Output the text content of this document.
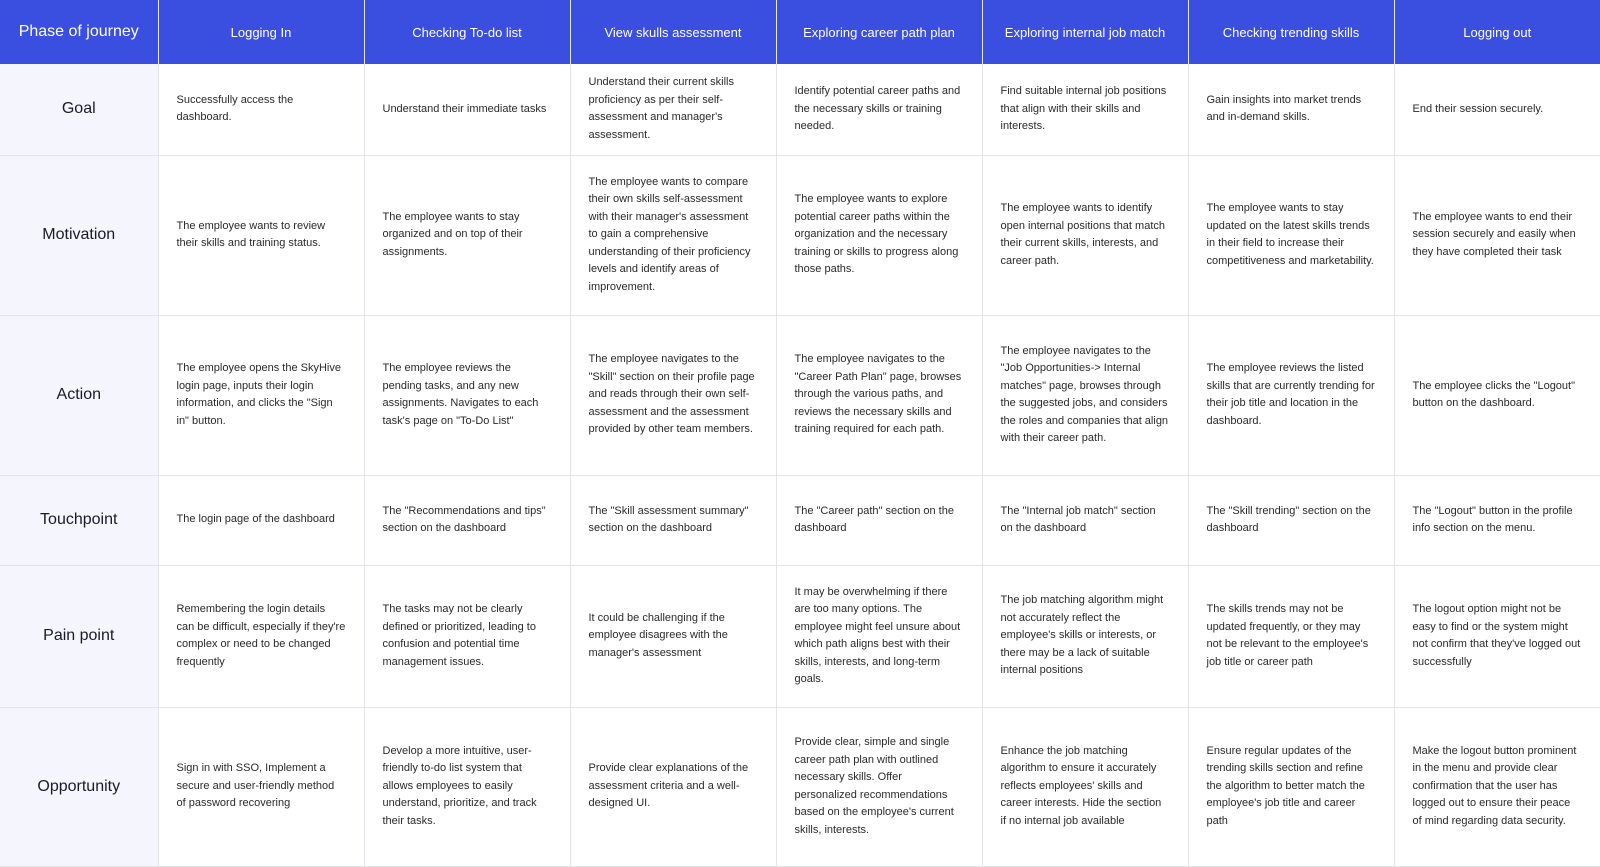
Phase of journey	Logging In	Checking To-do list	View skulls assessment	Exploring career path plan	Exploring internal job match	Checking trending skills	Logging out
Goal	Successfully access the dashboard.	Understand their immediate tasks	Understand their current skills proficiency as per their self-assessment and manager's assessment.	Identify potential career paths and the necessary skills or training needed.	Find suitable internal job positions that align with their skills and interests.	Gain insights into market trends and in-demand skills.	End their session securely.
Motivation	The employee wants to review their skills and training status.	The employee wants to stay organized and on top of their assignments.	The employee wants to compare their own skills self-assessment with their manager's assessment to gain a comprehensive understanding of their proficiency levels and identify areas of improvement.	The employee wants to explore potential career paths within the organization and the necessary training or skills to progress along those paths.	The employee wants to identify open internal positions that match their current skills, interests, and career path.	The employee wants to stay updated on the latest skills trends in their field to increase their competitiveness and marketability.	The employee wants to end their session securely and easily when they have completed their task
Action	The employee opens the SkyHive login page, inputs their login information, and clicks the "Sign in" button.	The employee reviews the pending tasks, and any new assignments. Navigates to each task's page on "To-Do List"	The employee navigates to the "Skill" section on their profile page and reads through their own self-assessment and the assessment provided by other team members.	The employee navigates to the "Career Path Plan" page, browses through the various paths, and reviews the necessary skills and training required for each path.	The employee navigates to the "Job Opportunities-> Internal matches" page, browses through the suggested jobs, and considers the roles and companies that align with their career path.	The employee reviews the listed skills that are currently trending for their job title and location in the dashboard.	The employee clicks the "Logout" button on the dashboard.
Touchpoint	The login page of the dashboard	The "Recommendations and tips" section on the dashboard	The "Skill assessment summary" section on the dashboard	The "Career path" section on the dashboard	The "Internal job match" section on the dashboard	The "Skill trending" section on the dashboard	The "Logout" button in the profile info section on the menu.
Pain point	Remembering the login details can be difficult, especially if they're complex or need to be changed frequently	The tasks may not be clearly defined or prioritized, leading to confusion and potential time management issues.	It could be challenging if the employee disagrees with the manager's assessment	It may be overwhelming if there are too many options. The employee might feel unsure about which path aligns best with their skills, interests, and long-term goals.	The job matching algorithm might not accurately reflect the employee's skills or interests, or there may be a lack of suitable internal positions	The skills trends may not be updated frequently, or they may not be relevant to the employee's job title or career path	The logout option might not be easy to find or the system might not confirm that they've logged out successfully
Opportunity	Sign in with SSO, Implement a secure and user-friendly method of password recovering	Develop a more intuitive, user-friendly to-do list system that allows employees to easily understand, prioritize, and track their tasks.	Provide clear explanations of the assessment criteria and a well-designed UI.	Provide clear, simple and single career path plan with outlined necessary skills. Offer personalized recommendations based on the employee's current skills, interests.	Enhance the job matching algorithm to ensure it accurately reflects employees' skills and career interests. Hide the section if no internal job available	Ensure regular updates of the trending skills section and refine the algorithm to better match the employee's job title and career path	Make the logout button prominent in the menu and provide clear confirmation that the user has logged out to ensure their peace of mind regarding data security.
